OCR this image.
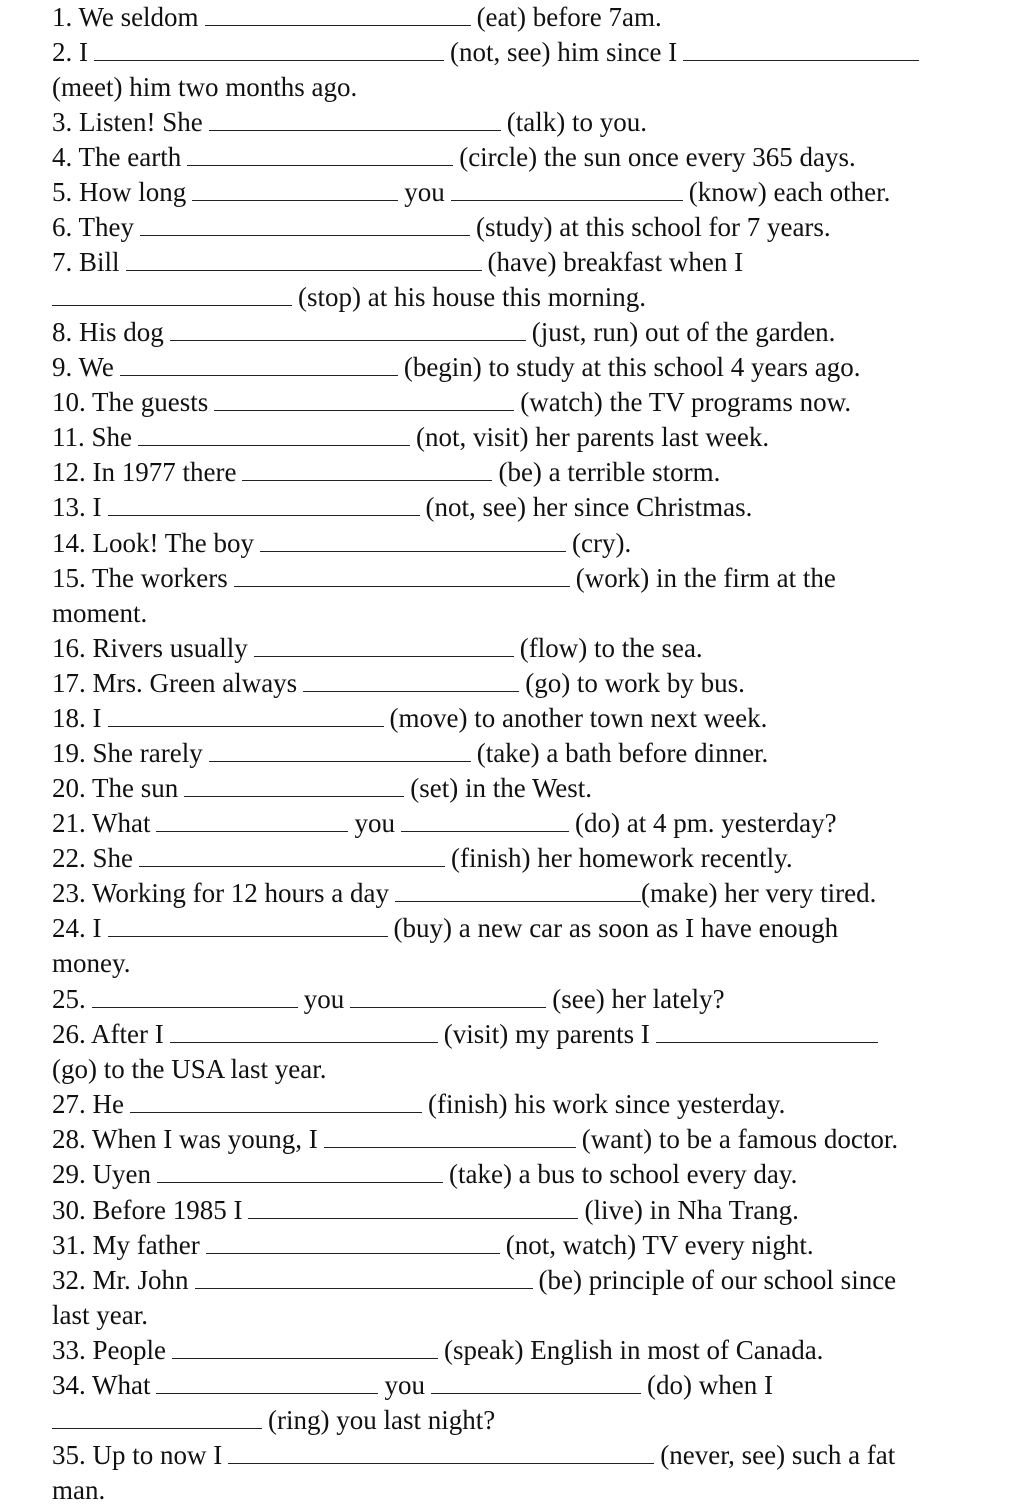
1. We seldom	(eat) before 7am.
2. I	(not, see) him since I
(meet) him two months ago.
3. Listen! She	(talk) to you.
4. The earth	(circle) the sun once every 365 days.
5. How long	you	(know) each other.
6. They	(study) at this school for 7 years.
7. Bill	(have) breakfast when I
(stop) at his house this morning.
8. His dog	(just, run) out of the garden.
9. We	(begin) to study at this school 4 years ago.
10. The guests	(watch) the TV programs now.
11. She	(not, visit) her parents last week.
12. In 1977 there	(be) a terrible storm.
13. I	(not, see) her since Christmas.
14. Look! The boy	(cry).
15. The workers	(work) in the firm at the
moment.
16. Rivers usually	(flow) to the sea.
17. Mrs. Green always	(go) to work by bus.
18. I	(move) to another town next week.
19. She rarely	(take) a bath before dinner.
20. The sun	(set) in the West.
21. What	you	(do) at 4 pm. yesterday?
22. She	(finish) her homework recently.
23. Working for 12 hours a day	(make) her very tired.
24. I	(buy) a new car as soon as I have enough
money.
25.	you	(see) her lately?
26. After I	(visit) my parents I
(go) to the USA last year.
27. He	(finish) his work since yesterday.
28. When I was young, I	(want) to be a famous doctor.
29. Uyen	(take) a bus to school every day.
30. Before 1985 I	(live) in Nha Trang.
31. My father	(not, watch) TV every night.
32. Mr. John	(be) principle of our school since
last year.
33. People	(speak) English in most of Canada.
34. What	you	(do) when I
(ring) you last night?
35. Up to now I	(never, see) such a fat
man.
